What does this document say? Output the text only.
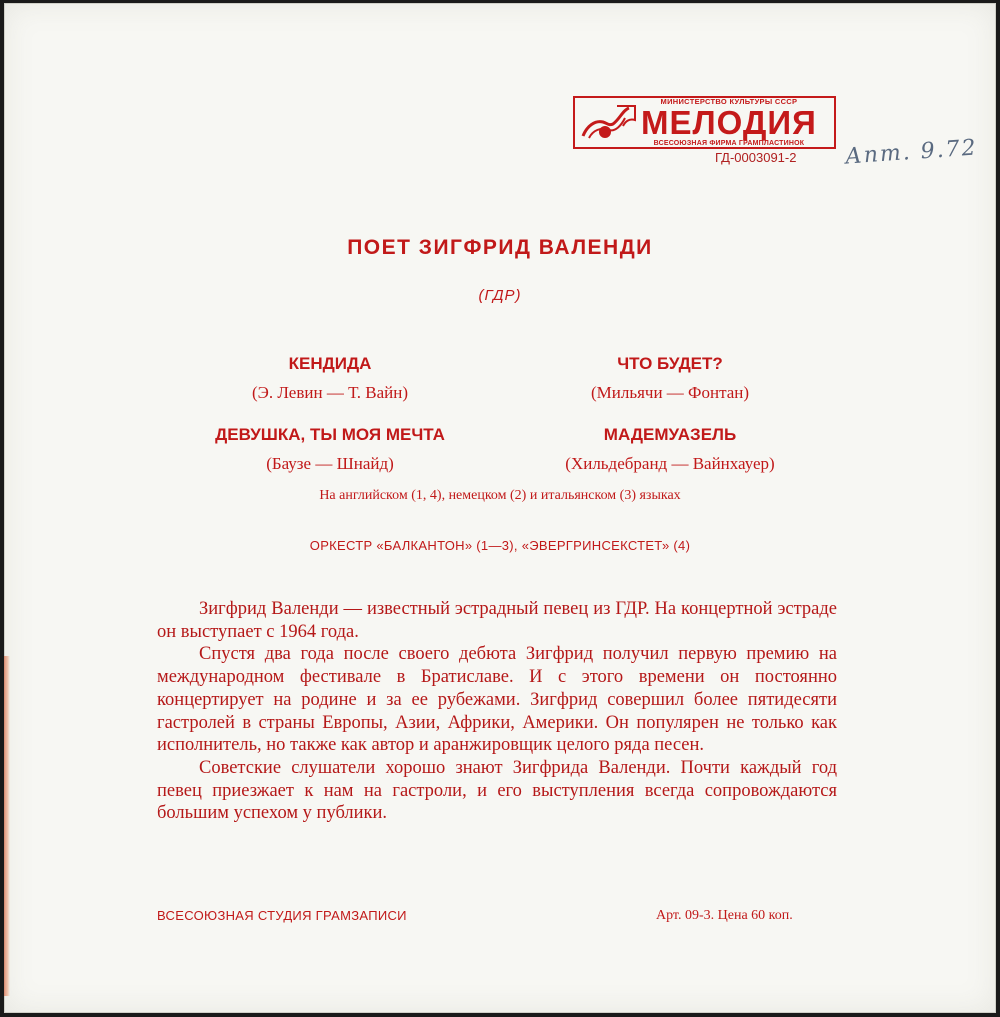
МИНИСТЕРСТВО КУЛЬТУРЫ СССР
МЕЛОДИЯ
ВСЕСОЮЗНАЯ ФИРМА ГРАМПЛАСТИНОК
ГД-0003091-2 Апт. 9.72
ПОЕТ ЗИГФРИД ВАЛЕНДИ
(ГДР)
КЕНДИДА
(Э. Левин — Т. Вайн)
ЧТО БУДЕТ?
(Мильячи — Фонтан)
ДЕВУШКА, ТЫ МОЯ МЕЧТА
(Баузе — Шнайд)
МАДЕМУАЗЕЛЬ
(Хильдебранд — Вайнхауер)
На английском (1, 4), немецком (2) и итальянском (3) языках
ОРКЕСТР «БАЛКАНТОН» (1—3), «ЭВЕРГРИНСЕКСТЕТ» (4)

Зигфрид Валенди — известный эстрадный певец из ГДР. На концертной эстраде он выступает с 1964 года.

Спустя два года после своего дебюта Зигфрид получил первую премию на международном фестивале в Братиславе. И с этого времени он постоянно концертирует на родине и за ее рубежами. Зигфрид совершил более пятидесяти гастролей в страны Европы, Азии, Африки, Америки. Он популярен не только как исполнитель, но также как автор и аранжировщик целого ряда песен.

Советские слушатели хорошо знают Зигфрида Валенди. Почти каждый год певец приезжает к нам на гастроли, и его выступления всегда сопровождаются большим успехом у публики.

ВСЕСОЮЗНАЯ СТУДИЯ ГРАМЗАПИСИ	Арт. 09-3. Цена 60 коп.
